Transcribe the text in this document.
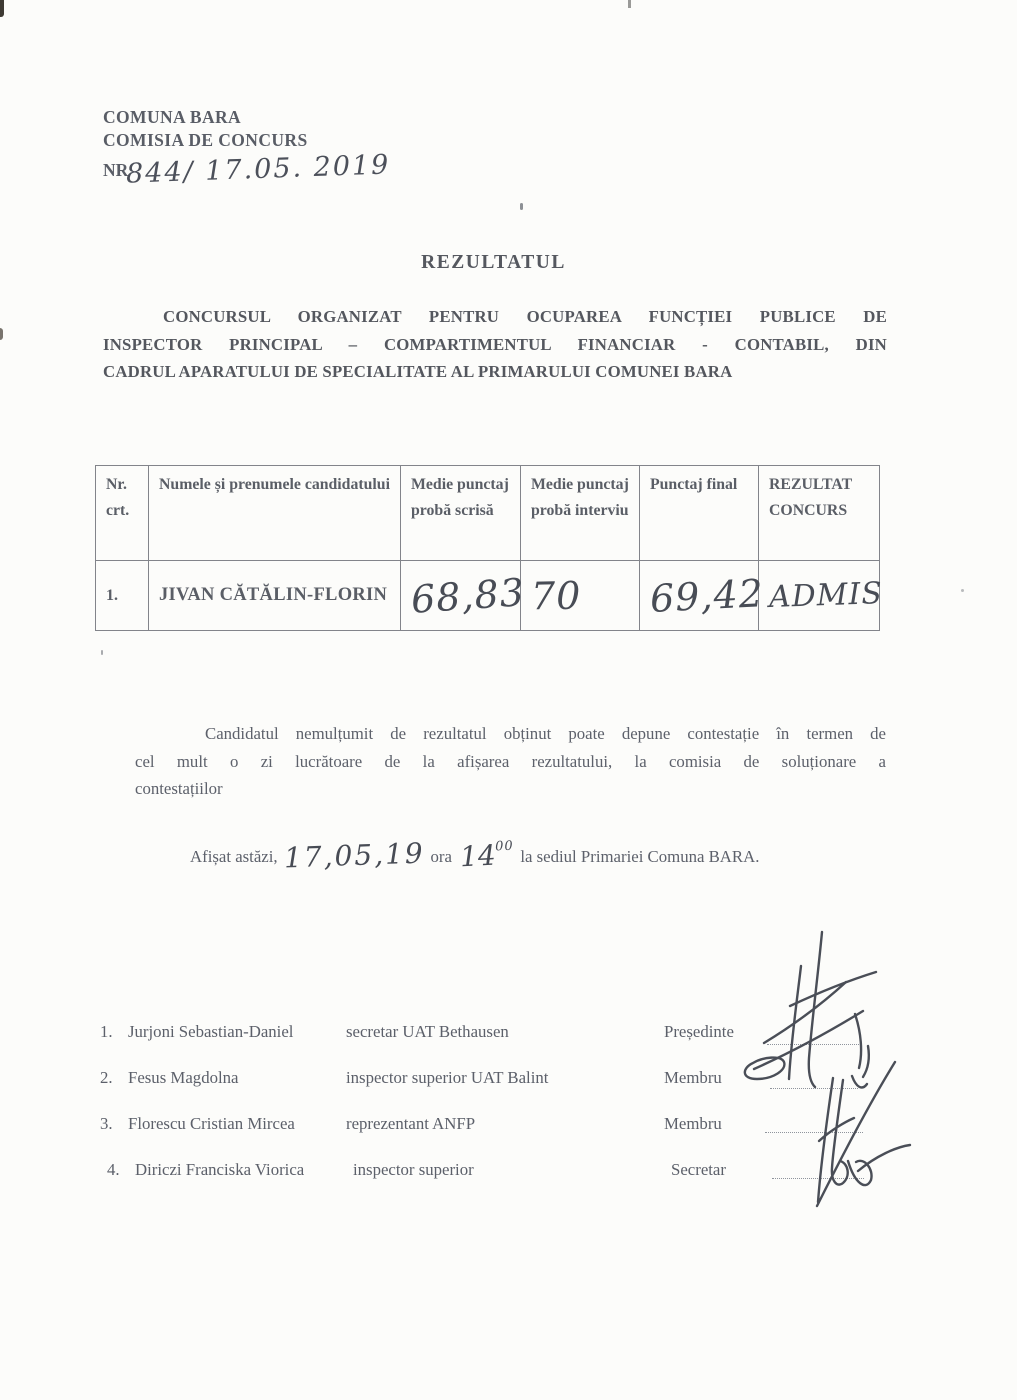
COMUNA BARA
COMISIA DE CONCURS
NR844/ 17.05. 2019
REZULTATUL
CONCURSUL ORGANIZAT PENTRU OCUPAREA FUNCȚIEI PUBLICE DE
INSPECTOR PRINCIPAL – COMPARTIMENTUL FINANCIAR - CONTABIL, DIN
CADRUL APARATULUI DE SPECIALITATE AL PRIMARULUI COMUNEI BARA
Nr. crt.	Numele și prenumele candidatului	Medie punctaj probă scrisă	Medie punctaj probă interviu	Punctaj final	REZULTAT CONCURS
1.	JIVAN CĂTĂLIN-FLORIN	68,83	70	69,42	ADMIS
Candidatul nemulțumit de rezultatul obținut poate depune contestație în termen de
cel mult o zi lucrătoare de la afișarea rezultatului, la comisia de soluționare a
contestațiilor
Afișat astăzi, 17,05,19 ora $14^{00}$ la sediul Primariei Comuna BARA.
1. Jurjoni Sebastian-Daniel	secretar UAT Bethausen	Președinte
2. Fesus Magdolna	inspector superior UAT Balint	Membru
3. Florescu Cristian Mircea	reprezentant ANFP	Membru
4. Diriczi Franciska Viorica	inspector superior	Secretar
